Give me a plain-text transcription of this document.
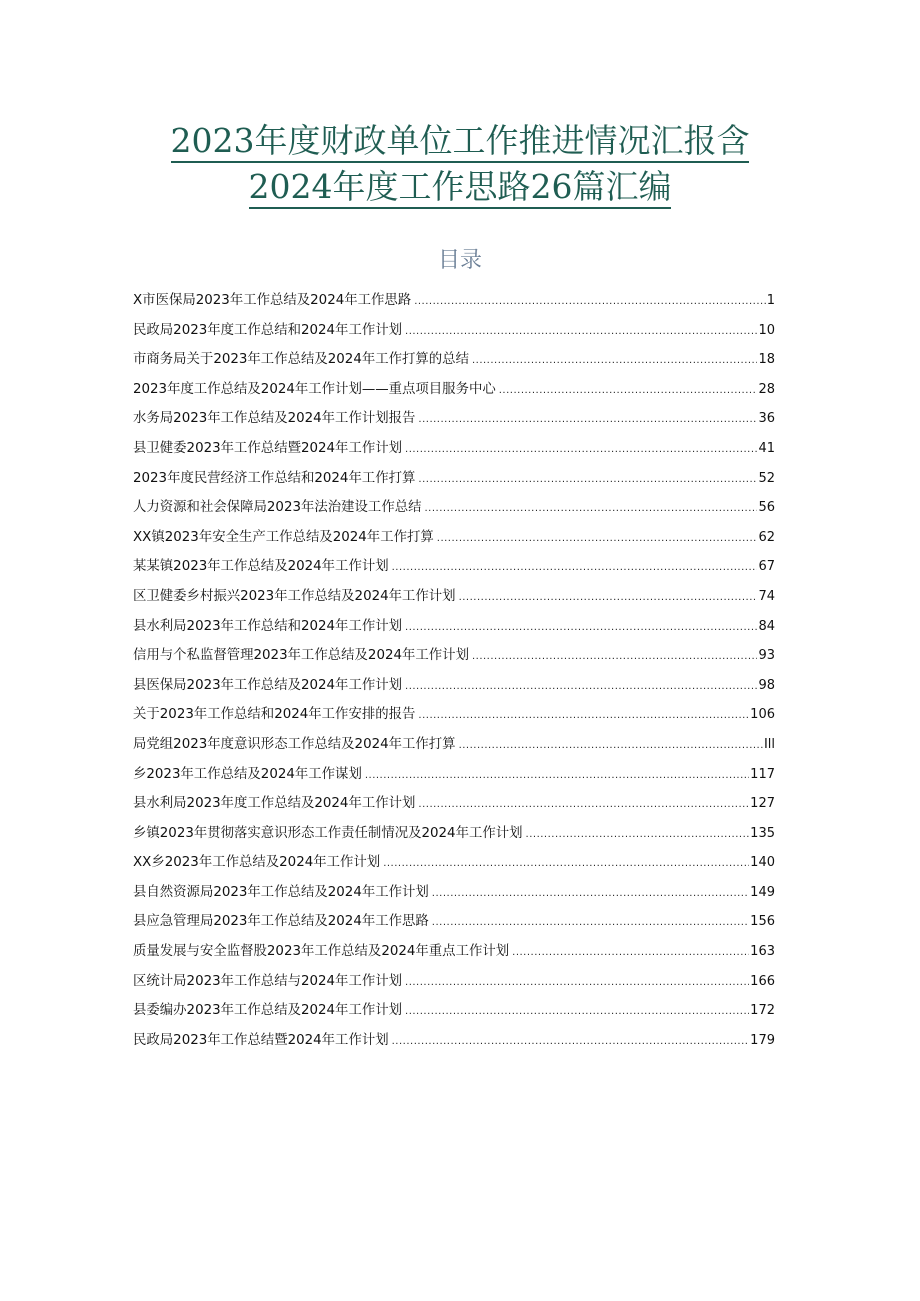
2023年度财政单位工作推进情况汇报含
2024年度工作思路26篇汇编
目录
X市医保局2023年工作总结及2024年工作思路 .....	1
民政局2023年度工作总结和2024年工作计划 .....	10
市商务局关于2023年工作总结及2024年工作打算的总结 .....	18
2023年度工作总结及2024年工作计划——重点项目服务中心 .....	28
水务局2023年工作总结及2024年工作计划报告 .....	36
县卫健委2023年工作总结暨2024年工作计划 .....	41
2023年度民营经济工作总结和2024年工作打算 .....	52
人力资源和社会保障局2023年法治建设工作总结 .....	56
XX镇2023年安全生产工作总结及2024年工作打算 .....	62
某某镇2023年工作总结及2024年工作计划 .....	67
区卫健委乡村振兴2023年工作总结及2024年工作计划 .....	74
县水利局2023年工作总结和2024年工作计划 .....	84
信用与个私监督管理2023年工作总结及2024年工作计划 .....	93
县医保局2023年工作总结及2024年工作计划 .....	98
关于2023年工作总结和2024年工作安排的报告 .....	106
局党组2023年度意识形态工作总结及2024年工作打算 .....	Ill
乡2023年工作总结及2024年工作谋划 .....	117
县水利局2023年度工作总结及2024年工作计划 .....	127
乡镇2023年贯彻落实意识形态工作责任制情况及2024年工作计划 .....	135
XX乡2023年工作总结及2024年工作计划 .....	140
县自然资源局2023年工作总结及2024年工作计划 .....	149
县应急管理局2023年工作总结及2024年工作思路 .....	156
质量发展与安全监督股2023年工作总结及2024年重点工作计划 .....	163
区统计局2023年工作总结与2024年工作计划 .....	166
县委编办2023年工作总结及2024年工作计划 .....	172
民政局2023年工作总结暨2024年工作计划 .....	179
